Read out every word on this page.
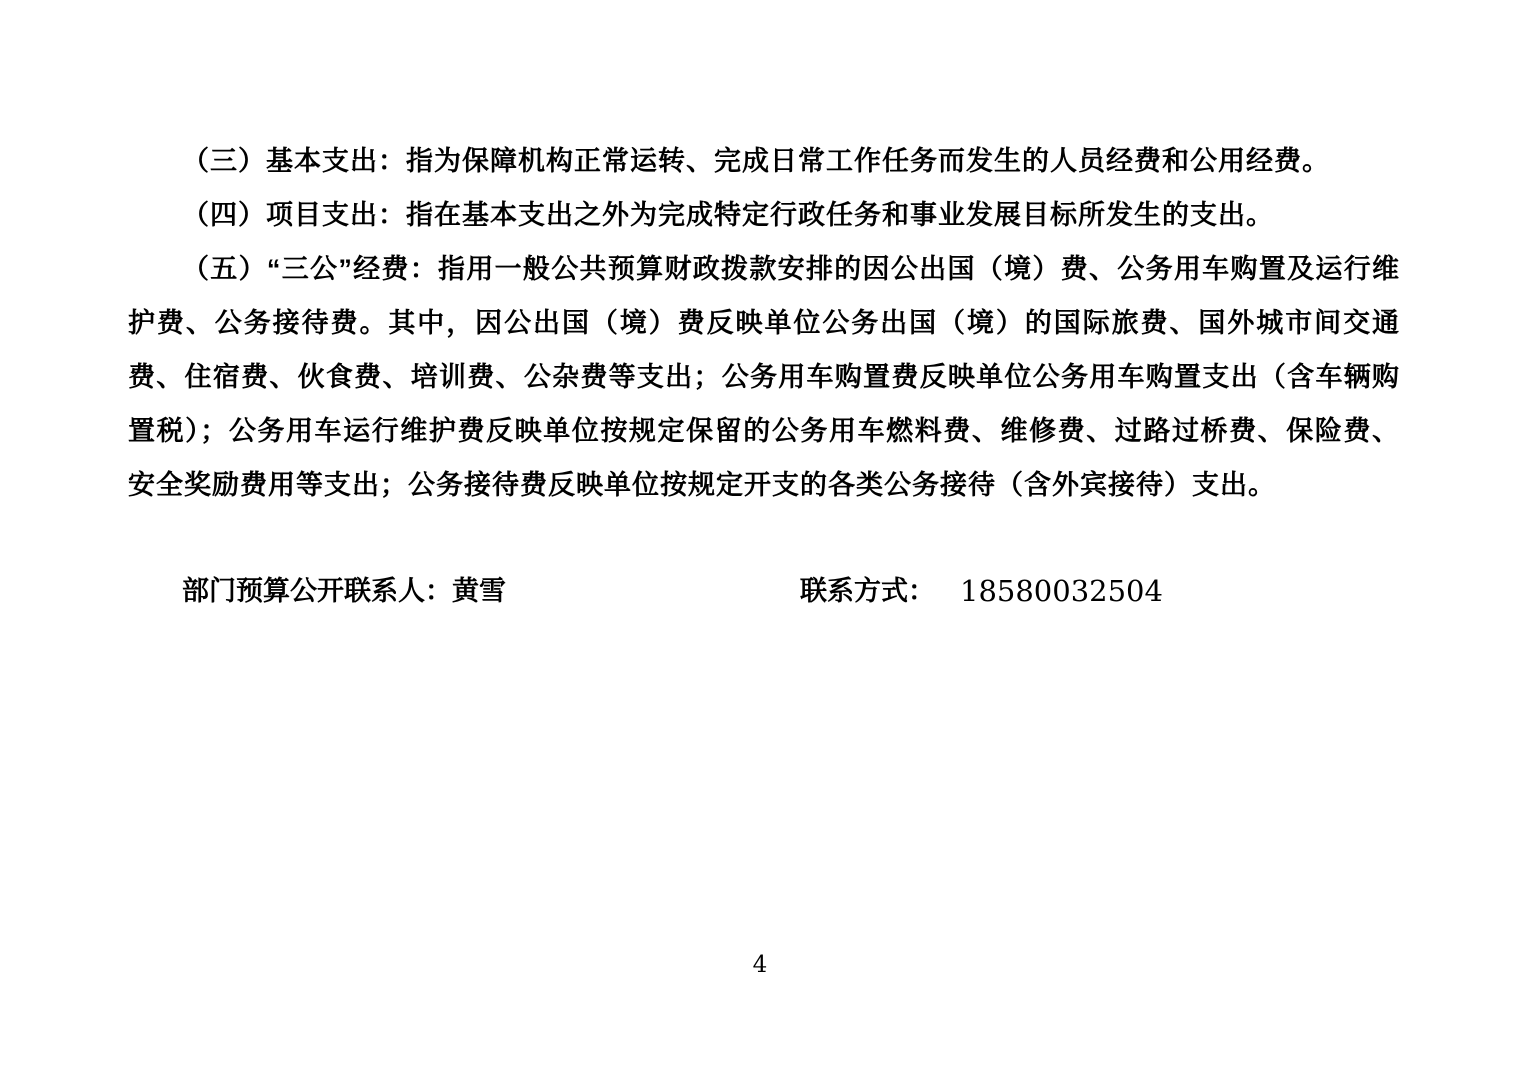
（三）基本支出：指为保障机构正常运转、完成日常工作任务而发生的人员经费和公用经费。

（四）项目支出：指在基本支出之外为完成特定行政任务和事业发展目标所发生的支出。

（五）“三公”经费：指用一般公共预算财政拨款安排的因公出国（境）费、公务用车购置及运行维护费、公务接待费。其中，因公出国（境）费反映单位公务出国（境）的国际旅费、国外城市间交通费、住宿费、伙食费、培训费、公杂费等支出；公务用车购置费反映单位公务用车购置支出（含车辆购置税）；公务用车运行维护费反映单位按规定保留的公务用车燃料费、维修费、过路过桥费、保险费、安全奖励费用等支出；公务接待费反映单位按规定开支的各类公务接待（含外宾接待）支出。

部门预算公开联系人：黄雪	联系方式： 18580032504
4
